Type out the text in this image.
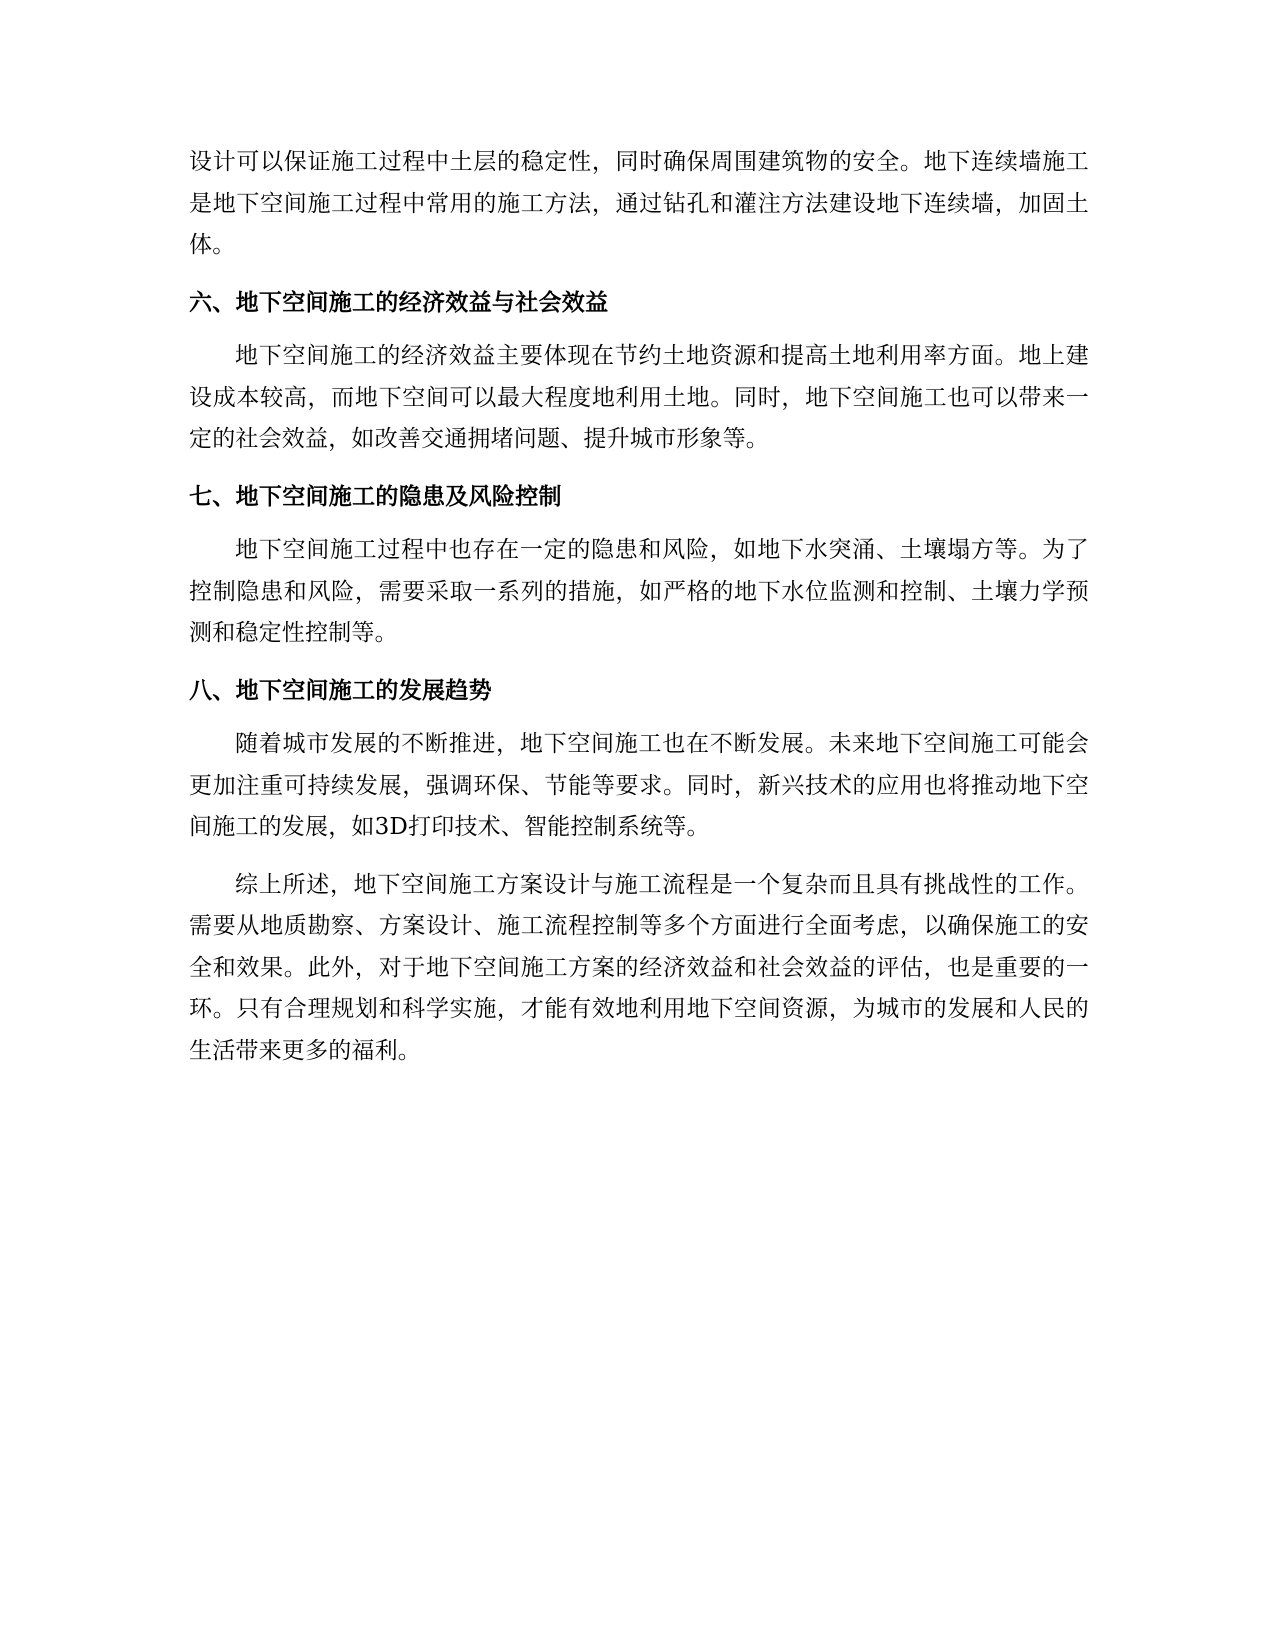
设计可以保证施工过程中土层的稳定性，同时确保周围建筑物的安全。地下连续墙施工是地下空间施工过程中常用的施工方法，通过钻孔和灌注方法建设地下连续墙，加固土体。

六、地下空间施工的经济效益与社会效益

地下空间施工的经济效益主要体现在节约土地资源和提高土地利用率方面。地上建设成本较高，而地下空间可以最大程度地利用土地。同时，地下空间施工也可以带来一定的社会效益，如改善交通拥堵问题、提升城市形象等。

七、地下空间施工的隐患及风险控制

地下空间施工过程中也存在一定的隐患和风险，如地下水突涌、土壤塌方等。为了控制隐患和风险，需要采取一系列的措施，如严格的地下水位监测和控制、土壤力学预测和稳定性控制等。

八、地下空间施工的发展趋势

随着城市发展的不断推进，地下空间施工也在不断发展。未来地下空间施工可能会更加注重可持续发展，强调环保、节能等要求。同时，新兴技术的应用也将推动地下空间施工的发展，如3D打印技术、智能控制系统等。

综上所述，地下空间施工方案设计与施工流程是一个复杂而且具有挑战性的工作。需要从地质勘察、方案设计、施工流程控制等多个方面进行全面考虑，以确保施工的安全和效果。此外，对于地下空间施工方案的经济效益和社会效益的评估，也是重要的一环。只有合理规划和科学实施，才能有效地利用地下空间资源，为城市的发展和人民的生活带来更多的福利。
